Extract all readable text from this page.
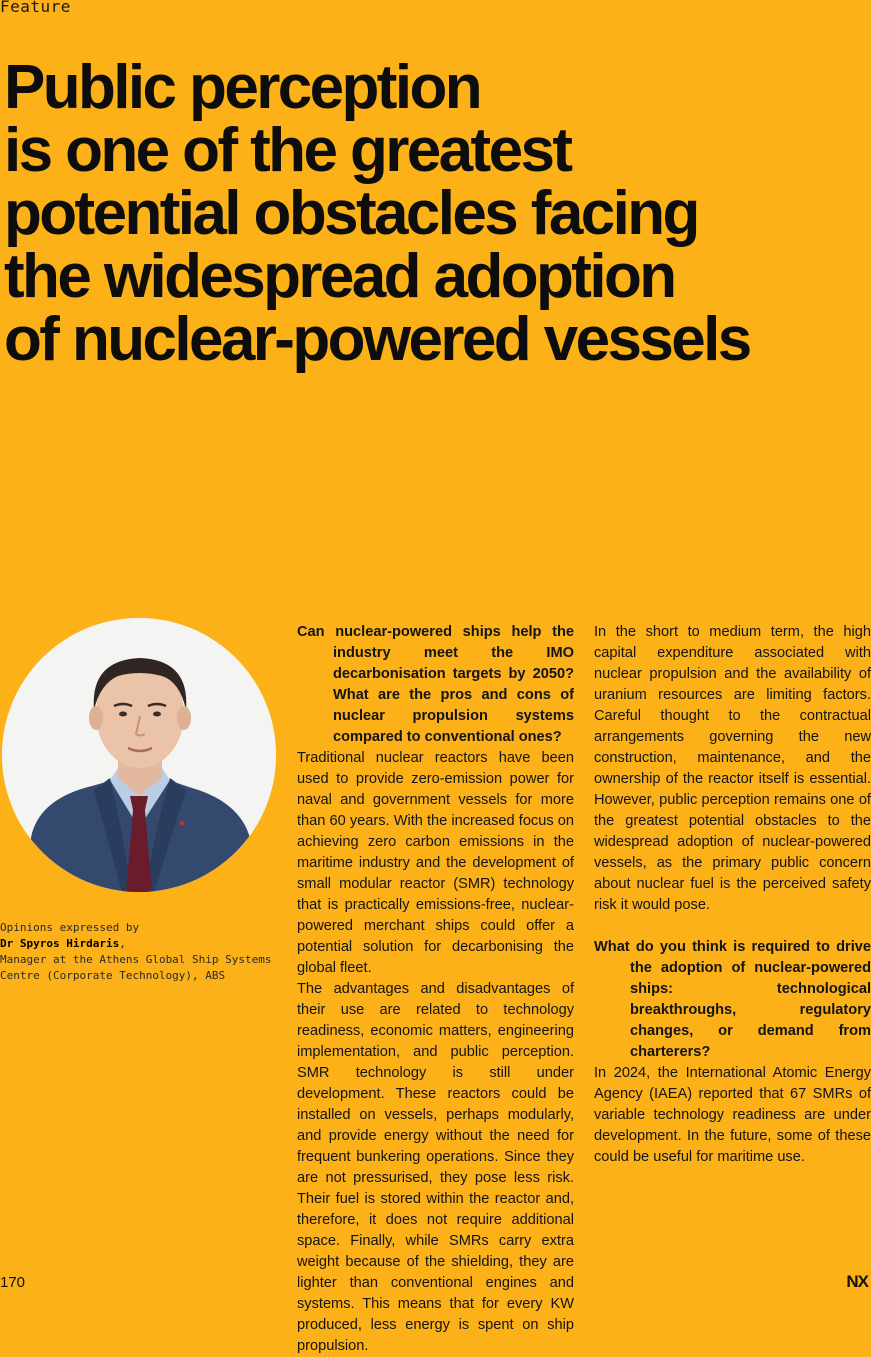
Feature

Public perception
is one of the greatest
potential obstacles facing
the widespread adoption
of nuclear-powered vessels
Opinions expressed by
Dr Spyros Hirdaris,
Manager at the Athens Global Ship Systems
Centre (Corporate Technology), ABS

Can nuclear-powered ships help the industry meet the IMO decarbonisation targets by 2050? What are the pros and cons of nuclear propulsion systems compared to conventional ones?

Traditional nuclear reactors have been used to provide zero-emission power for naval and government vessels for more than 60 years. With the increased focus on achieving zero carbon emissions in the maritime industry and the development of small modular reactor (SMR) technology that is practically emissions-free, nuclear-powered merchant ships could offer a potential solution for decarbonising the global fleet.

The advantages and disadvantages of their use are related to technology readiness, economic matters, engineering implementation, and public perception. SMR technology is still under development. These reactors could be installed on vessels, perhaps modularly, and provide energy without the need for frequent bunkering operations. Since they are not pressurised, they pose less risk. Their fuel is stored within the reactor and, therefore, it does not require additional space. Finally, while SMRs carry extra weight because of the shielding, they are lighter than conventional engines and systems. This means that for every KW produced, less energy is spent on ship propulsion.

In the short to medium term, the high capital expenditure associated with nuclear propulsion and the availability of uranium resources are limiting factors. Careful thought to the contractual arrangements governing the new construction, maintenance, and the ownership of the reactor itself is essential. However, public perception remains one of the greatest potential obstacles to the widespread adoption of nuclear-powered vessels, as the primary public concern about nuclear fuel is the perceived safety risk it would pose.

What do you think is required to drive the adoption of nuclear-powered ships: technological breakthroughs, regulatory changes, or demand from charterers?

In 2024, the International Atomic Energy Agency (IAEA) reported that 67 SMRs of variable technology readiness are under development. In the future, some of these could be useful for maritime use.

170	NX
